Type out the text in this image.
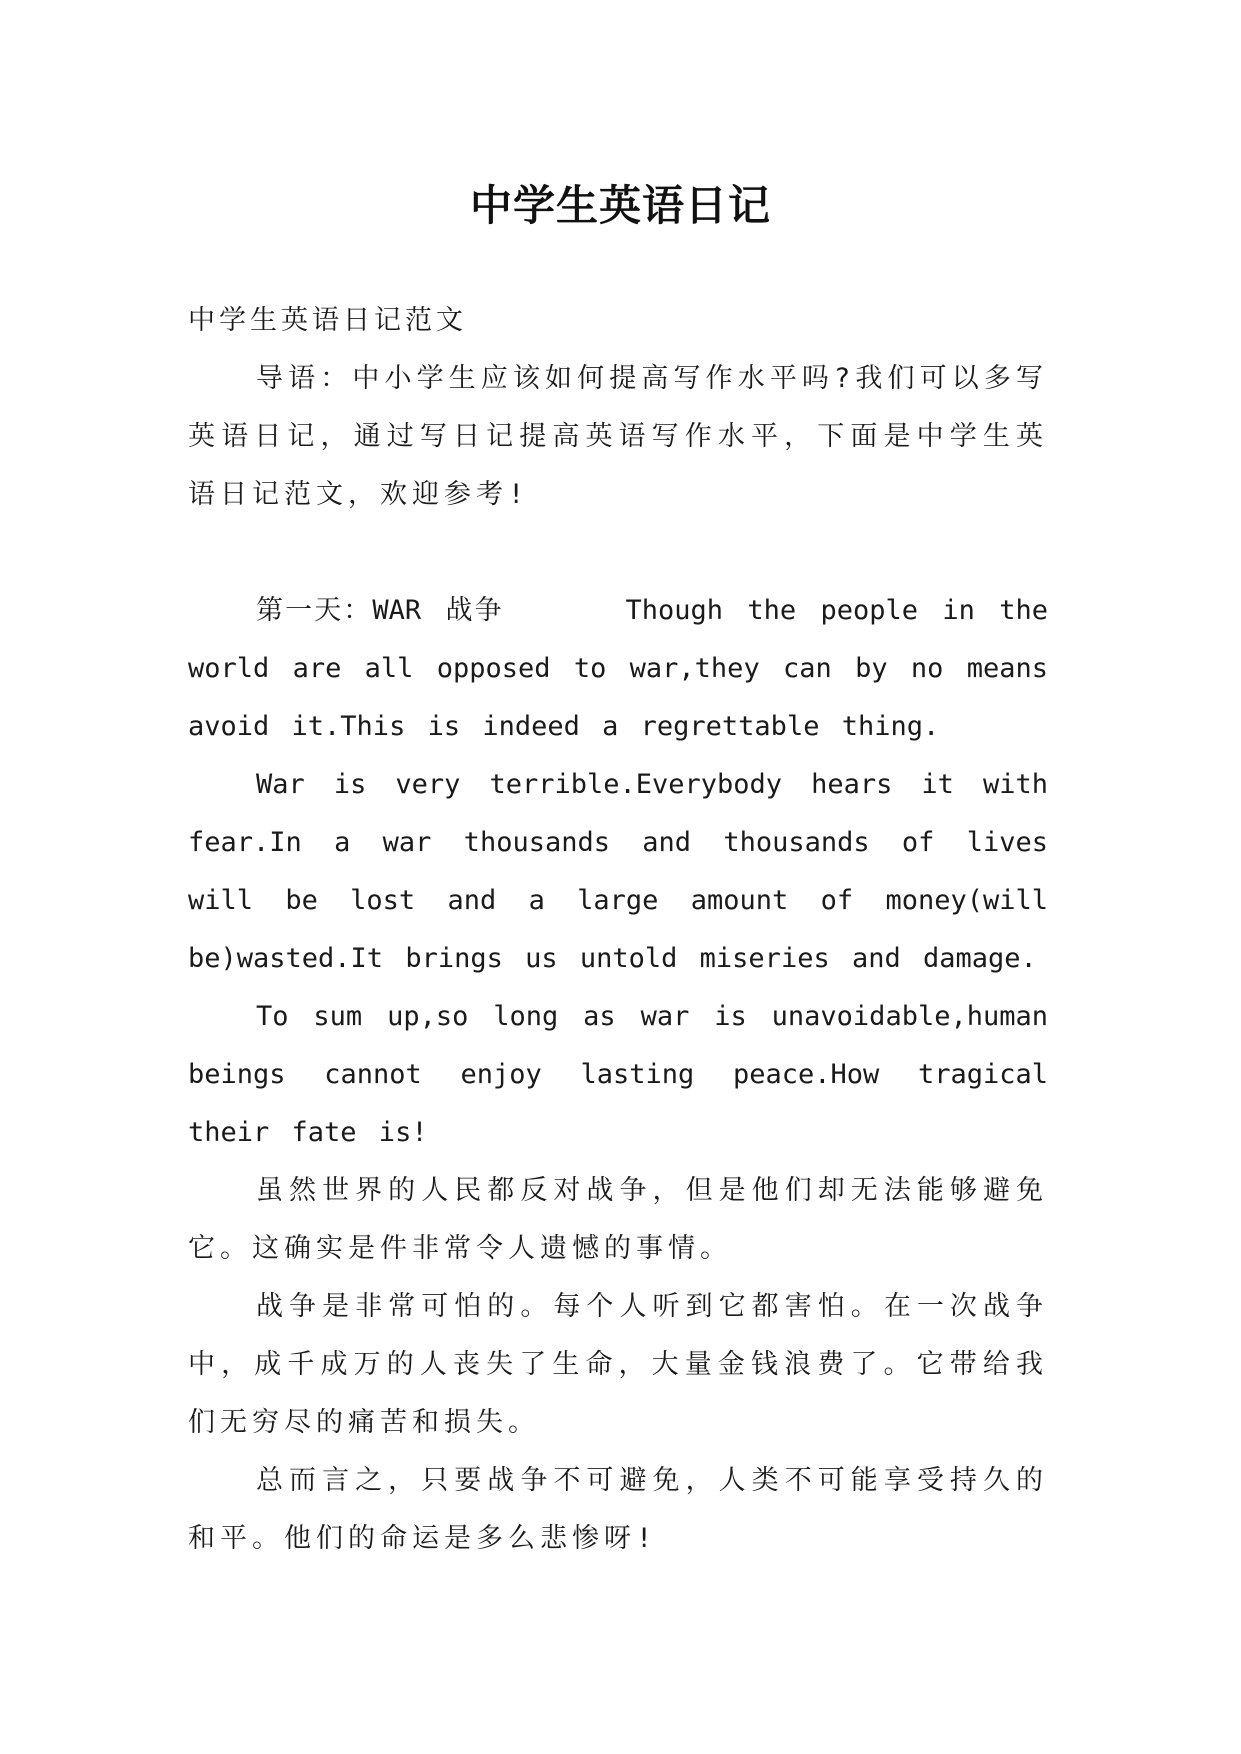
中学生英语日记

中学生英语日记范文

导语：中小学生应该如何提高写作水平吗?我们可以多写英语日记，通过写日记提高英语写作水平，下面是中学生英语日记范文，欢迎参考!

第一天：WAR 战争	Though the people in the world are all opposed to war,they can by no means avoid it.This is indeed a regrettable thing.

War is very terrible.Everybody hears it with fear.In a war thousands and thousands of lives will be lost and a large amount of money(will be)wasted.It brings us untold miseries and damage.

To sum up,so long as war is unavoidable,human beings cannot enjoy lasting peace.How tragical their fate is!

虽然世界的人民都反对战争，但是他们却无法能够避免它。这确实是件非常令人遗憾的事情。

战争是非常可怕的。每个人听到它都害怕。在一次战争中，成千成万的人丧失了生命，大量金钱浪费了。它带给我们无穷尽的痛苦和损失。

总而言之，只要战争不可避免，人类不可能享受持久的和平。他们的命运是多么悲惨呀!
